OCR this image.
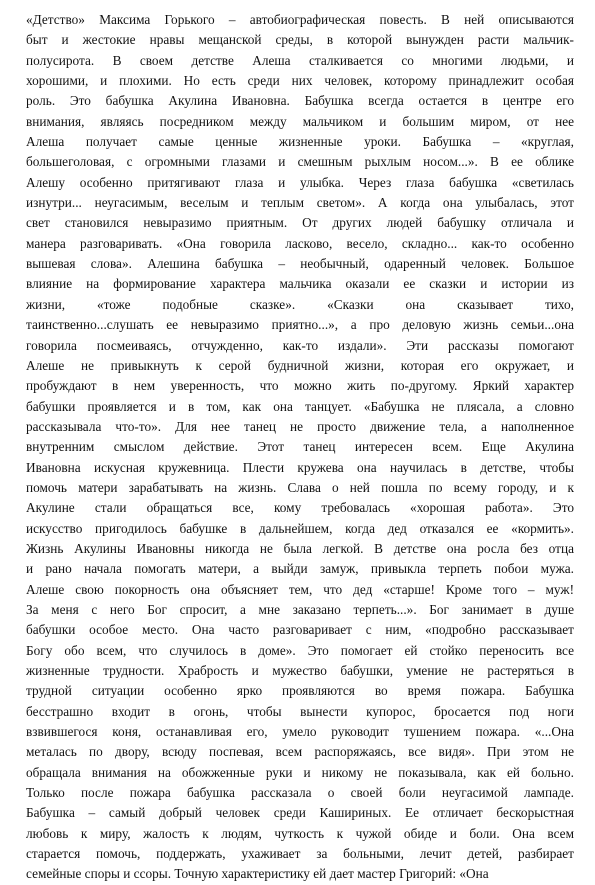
«Детство» Максима Горького – автобиографическая повесть. В ней описываются
быт и жестокие нравы мещанской среды, в которой вынужден расти мальчик-
полусирота. В своем детстве Алеша сталкивается со многими людьми, и
хорошими, и плохими. Но есть среди них человек, которому принадлежит особая
роль. Это бабушка Акулина Ивановна. Бабушка всегда остается в центре его
внимания, являясь посредником между мальчиком и большим миром, от нее
Алеша получает самые ценные жизненные уроки. Бабушка – «круглая,
большеголовая, с огромными глазами и смешным рыхлым носом...». В ее облике
Алешу особенно притягивают глаза и улыбка. Через глаза бабушка «светилась
изнутри... неугасимым, веселым и теплым светом». А когда она улыбалась, этот
свет становился невыразимо приятным. От других людей бабушку отличала и
манера разговаривать. «Она говорила ласково, весело, складно... как-то особенно
вышевая слова». Алешина бабушка – необычный, одаренный человек. Большое
влияние на формирование характера мальчика оказали ее сказки и истории из
жизни, «тоже подобные сказке». «Сказки она сказывает тихо,
таинственно...слушать ее невыразимо приятно...», а про деловую жизнь семьи...она
говорила посмеиваясь, отчужденно, как-то издали». Эти рассказы помогают
Алеше не привыкнуть к серой будничной жизни, которая его окружает, и
пробуждают в нем уверенность, что можно жить по-другому. Яркий характер
бабушки проявляется и в том, как она танцует. «Бабушка не плясала, а словно
рассказывала что-то». Для нее танец не просто движение тела, а наполненное
внутренним смыслом действие. Этот танец интересен всем. Еще Акулина
Ивановна искусная кружевница. Плести кружева она научилась в детстве, чтобы
помочь матери зарабатывать на жизнь. Слава о ней пошла по всему городу, и к
Акулине стали обращаться все, кому требовалась «хорошая работа». Это
искусство пригодилось бабушке в дальнейшем, когда дед отказался ее «кормить».
Жизнь Акулины Ивановны никогда не была легкой. В детстве она росла без отца
и рано начала помогать матери, а выйди замуж, привыкла терпеть побои мужа.
Алеше свою покорность она объясняет тем, что дед «старше! Кроме того – муж!
За меня с него Бог спросит, а мне заказано терпеть...». Бог занимает в душе
бабушки особое место. Она часто разговаривает с ним, «подробно рассказывает
Богу обо всем, что случилось в доме». Это помогает ей стойко переносить все
жизненные трудности. Храбрость и мужество бабушки, умение не растеряться в
трудной ситуации особенно ярко проявляются во время пожара. Бабушка
бесстрашно входит в огонь, чтобы вынести купорос, бросается под ноги
взвившегося коня, останавливая его, умело руководит тушением пожара. «...Она
металась по двору, всюду поспевая, всем распоряжаясь, все видя». При этом не
обращала внимания на обожженные руки и никому не показывала, как ей больно.
Только после пожара бабушка рассказала о своей боли неугасимой лампаде.
Бабушка – самый добрый человек среди Кашириных. Ее отличает бескорыстная
любовь к миру, жалость к людям, чуткость к чужой обиде и боли. Она всем
старается помочь, поддержать, ухаживает за больными, лечит детей, разбирает
семейные споры и ссоры. Точную характеристику ей дает мастер Григорий: «Она
